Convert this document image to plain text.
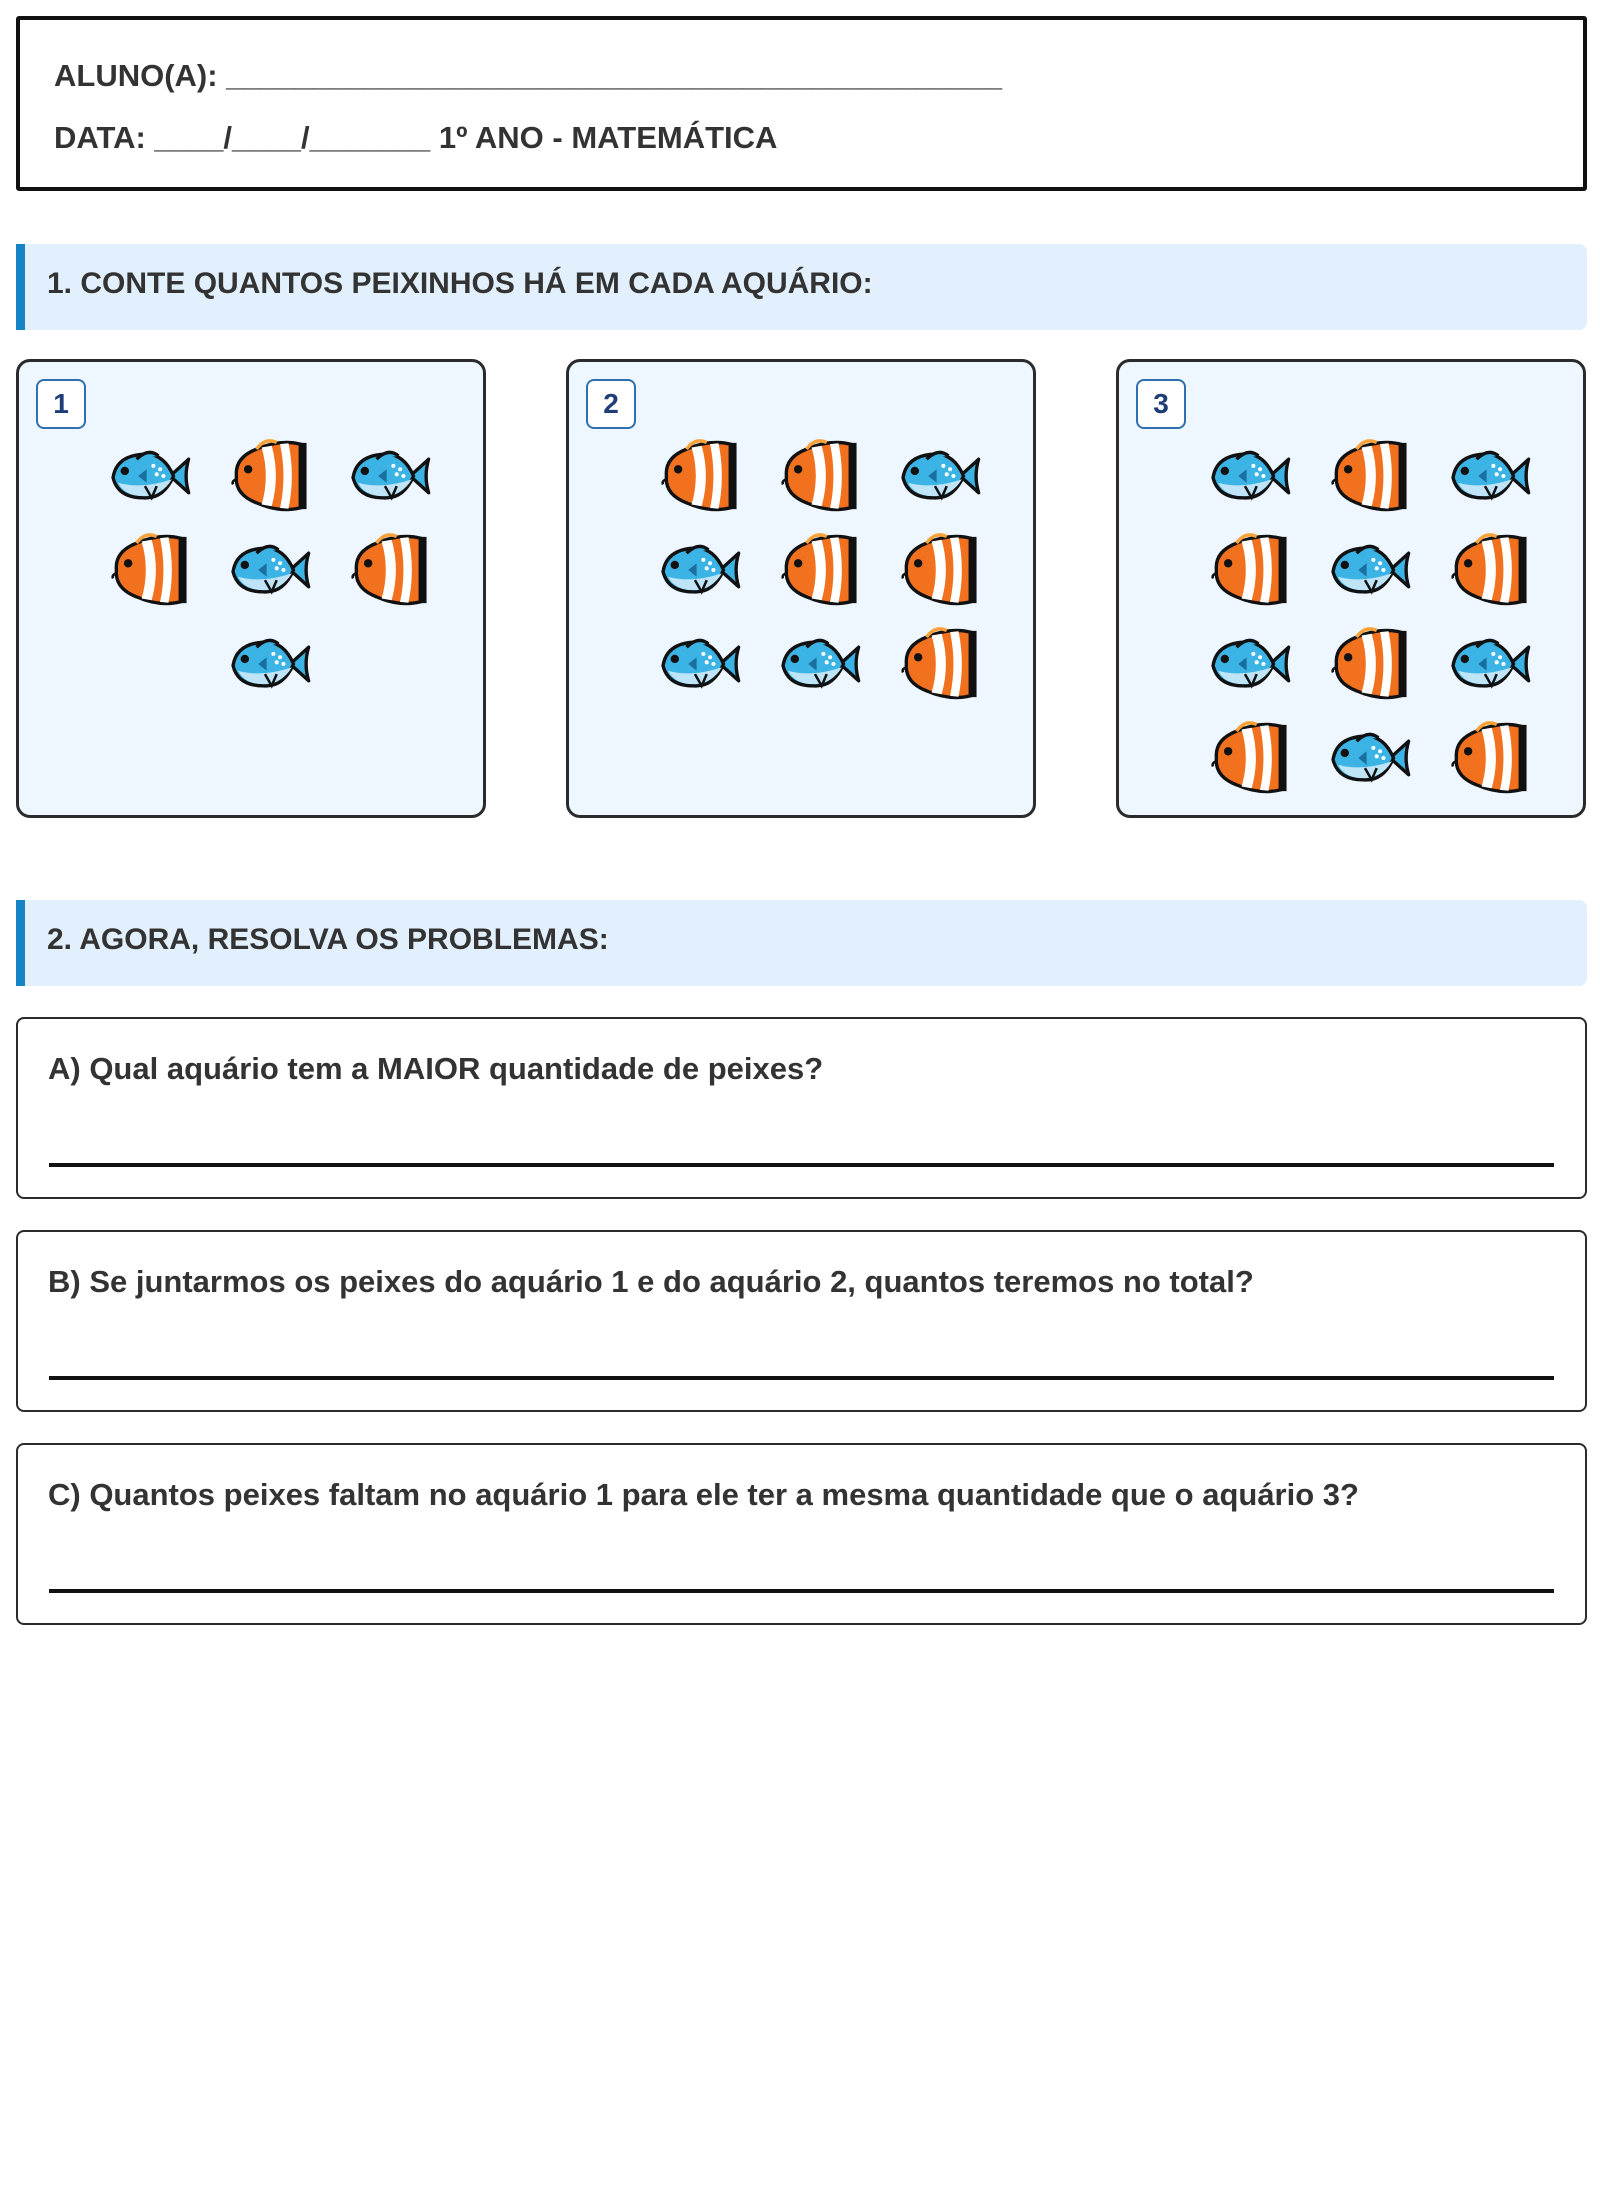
ALUNO(A): _____________________________________________
DATA: ____/____/_______ 1º ANO - MATEMÁTICA
1. CONTE QUANTOS PEIXINHOS HÁ EM CADA AQUÁRIO:
1	2	3
2. AGORA, RESOLVA OS PROBLEMAS:
A) Qual aquário tem a MAIOR quantidade de peixes?
B) Se juntarmos os peixes do aquário 1 e do aquário 2, quantos teremos no total?
C) Quantos peixes faltam no aquário 1 para ele ter a mesma quantidade que o aquário 3?
